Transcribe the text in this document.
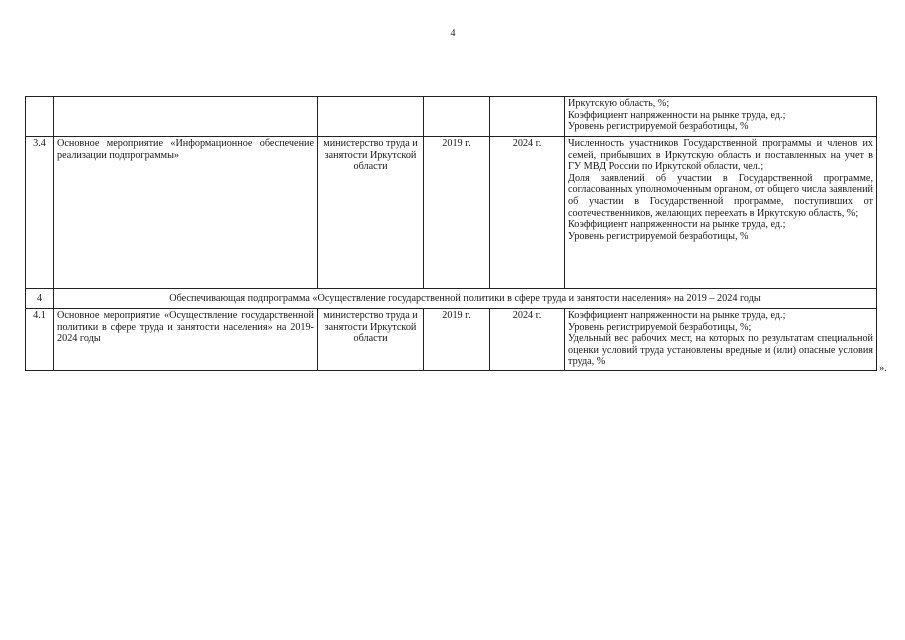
4

					Иркутскую область, %;
Коэффициент напряженности на рынке труда, ед.;
Уровень регистрируемой безработицы, %

3.4	Основное мероприятие «Информационное обеспечение реализации подпрограммы»	министерство труда и занятости Иркутской области	2019 г.	2024 г.	Численность участников Государственной программы и членов их семей, прибывших в Иркутскую область и поставленных на учет в ГУ МВД России по Иркутской области, чел.;
Доля заявлений об участии в Государственной программе, согласованных уполномоченным органом, от общего числа заявлений об участии в Государственной программе, поступивших от соотечественников, желающих переехать в Иркутскую область, %;
Коэффициент напряженности на рынке труда, ед.;
Уровень регистрируемой безработицы, %

4	Обеспечивающая подпрограмма «Осуществление государственной политики в сфере труда и занятости населения» на 2019 – 2024 годы				
4.1	Основное мероприятие «Осуществление государственной политики в сфере труда и занятости населения» на 2019-2024 годы	министерство труда и занятости Иркутской области	2019 г.	2024 г.	Коэффициент напряженности на рынке труда, ед.;
Уровень регистрируемой безработицы, %;
Удельный вес рабочих мест, на которых по результатам специальной оценки условий труда установлены вредные и (или) опасные условия труда, %
».
